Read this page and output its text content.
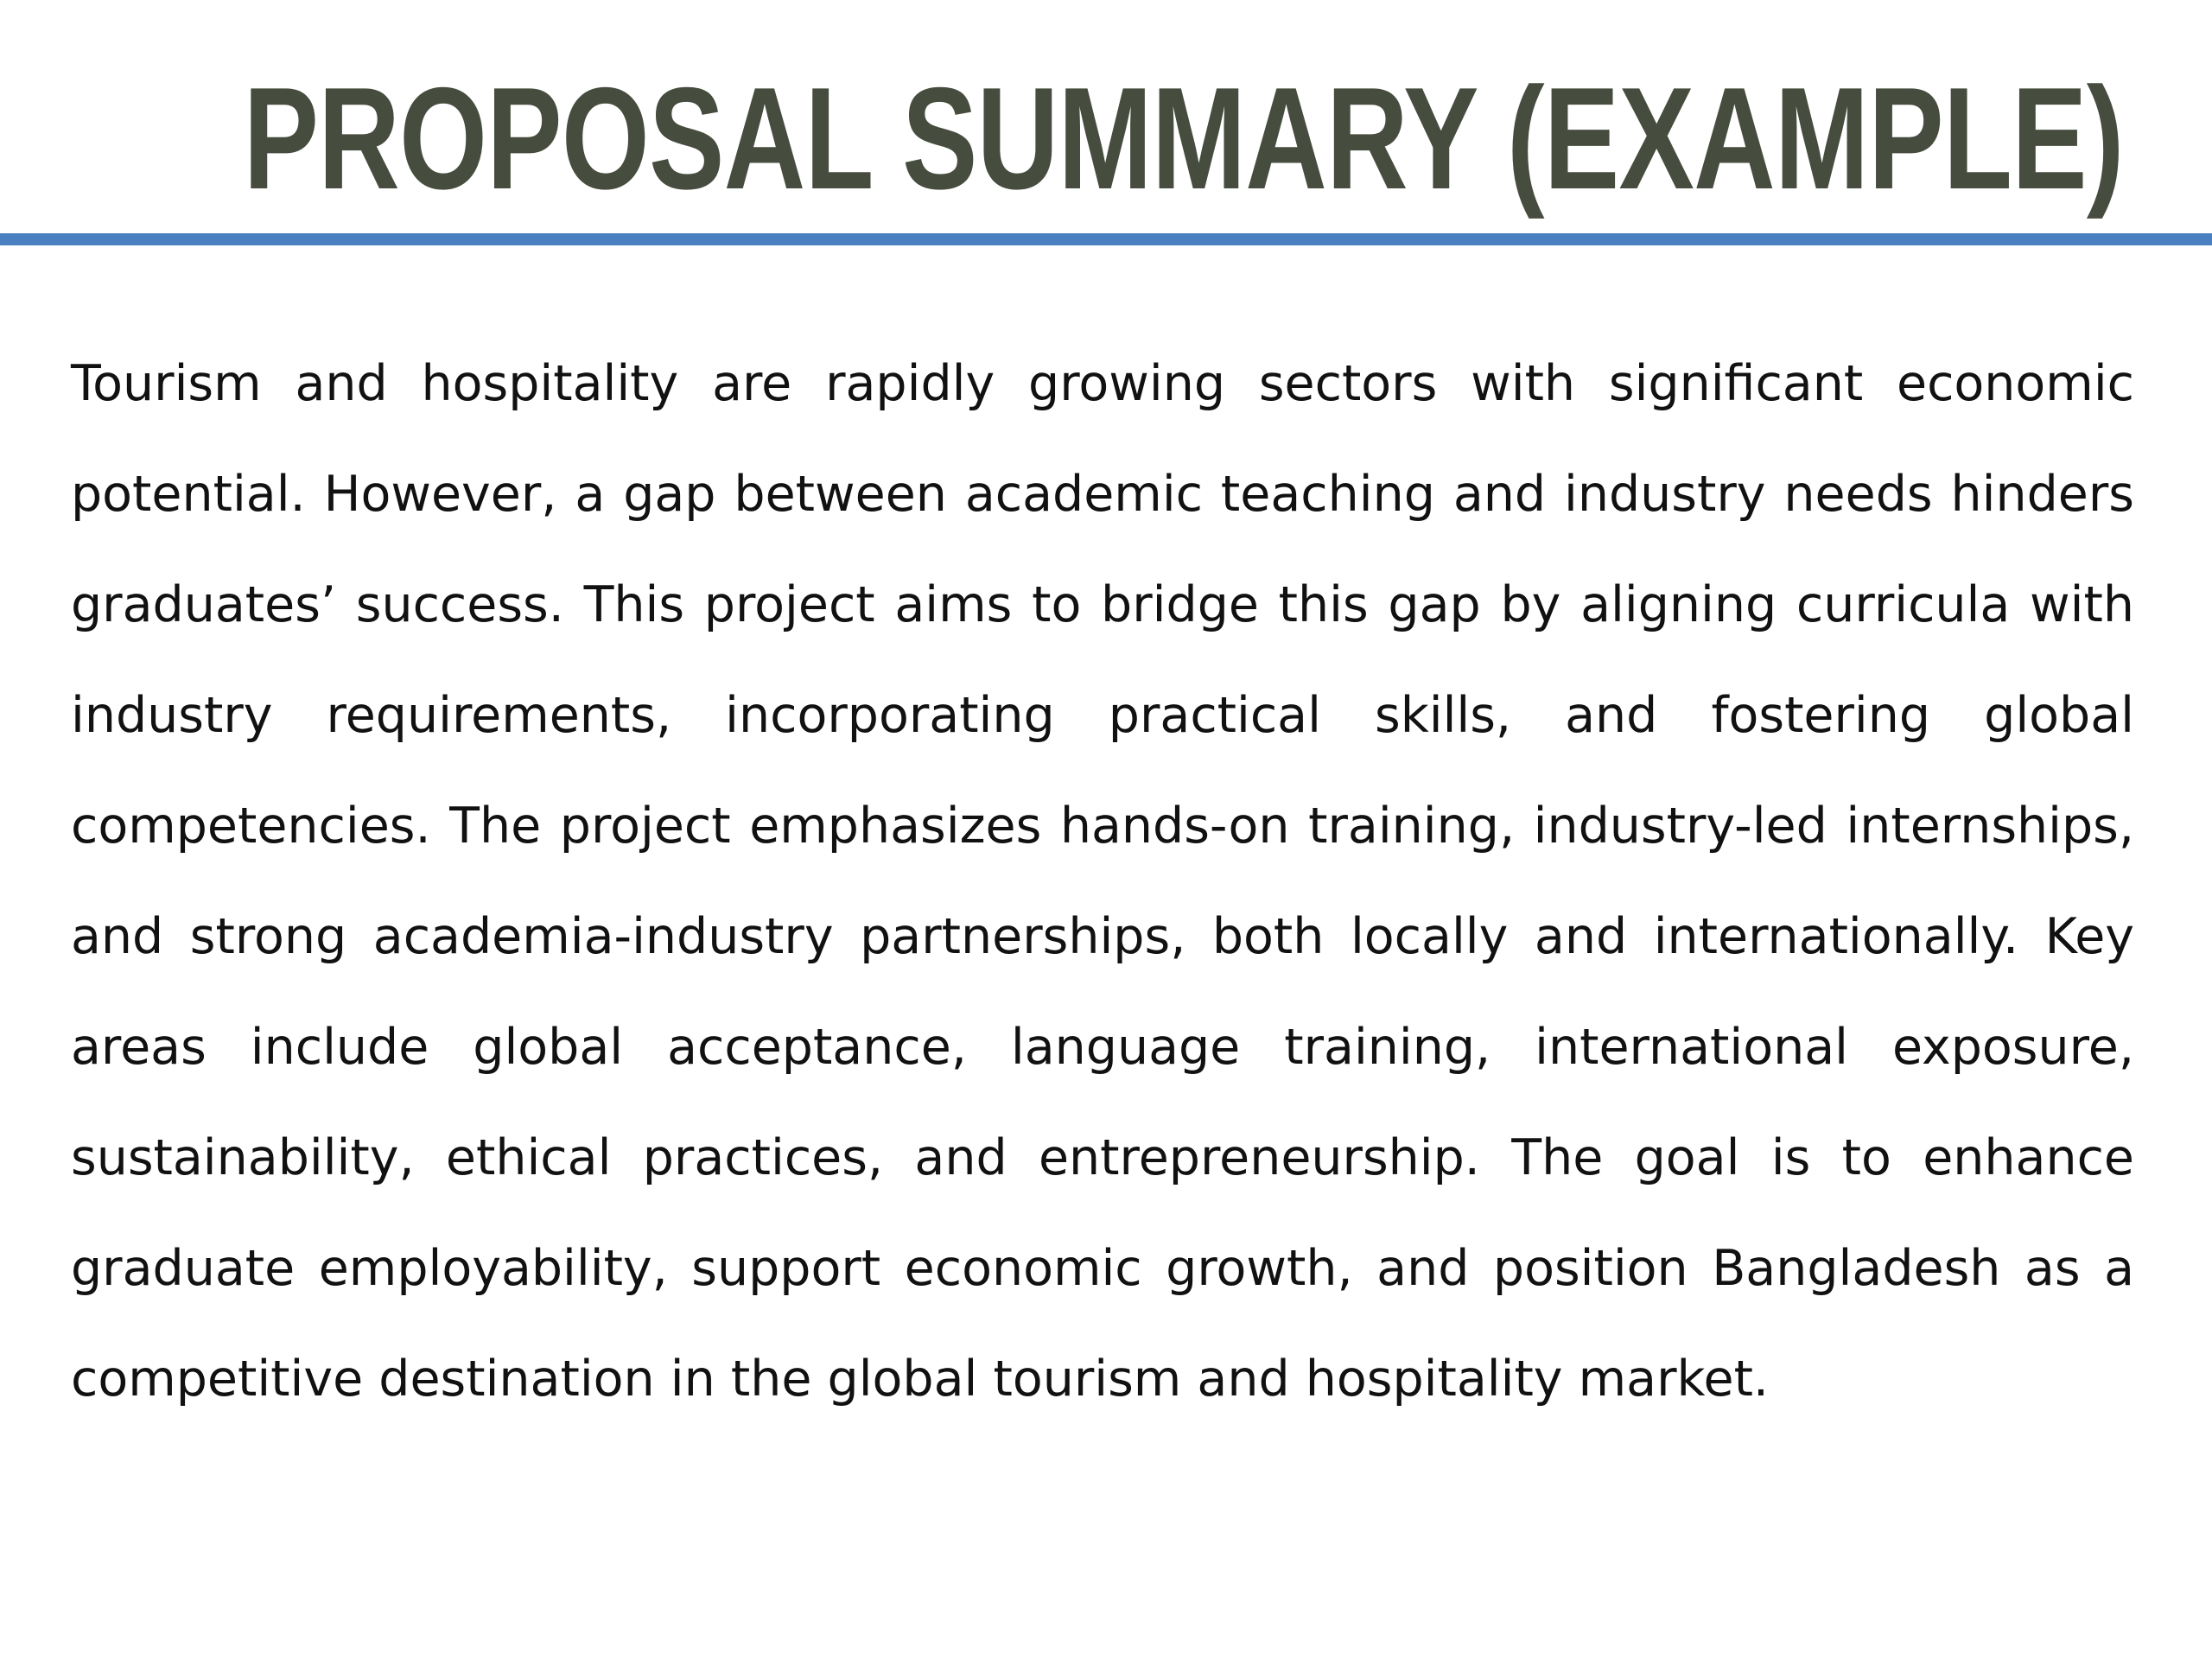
PROPOSAL SUMMARY (EXAMPLE)

Tourism and hospitality are rapidly growing sectors with significant economic potential. However, a gap between academic teaching and industry needs hinders graduates’ success. This project aims to bridge this gap by aligning curricula with industry requirements, incorporating practical skills, and fostering global competencies. The project emphasizes hands-on training, industry-led internships, and strong academia-industry partnerships, both locally and internationally. Key areas include global acceptance, language training, international exposure, sustainability, ethical practices, and entrepreneurship. The goal is to enhance graduate employability, support economic growth, and position Bangladesh as a competitive destination in the global tourism and hospitality market.
